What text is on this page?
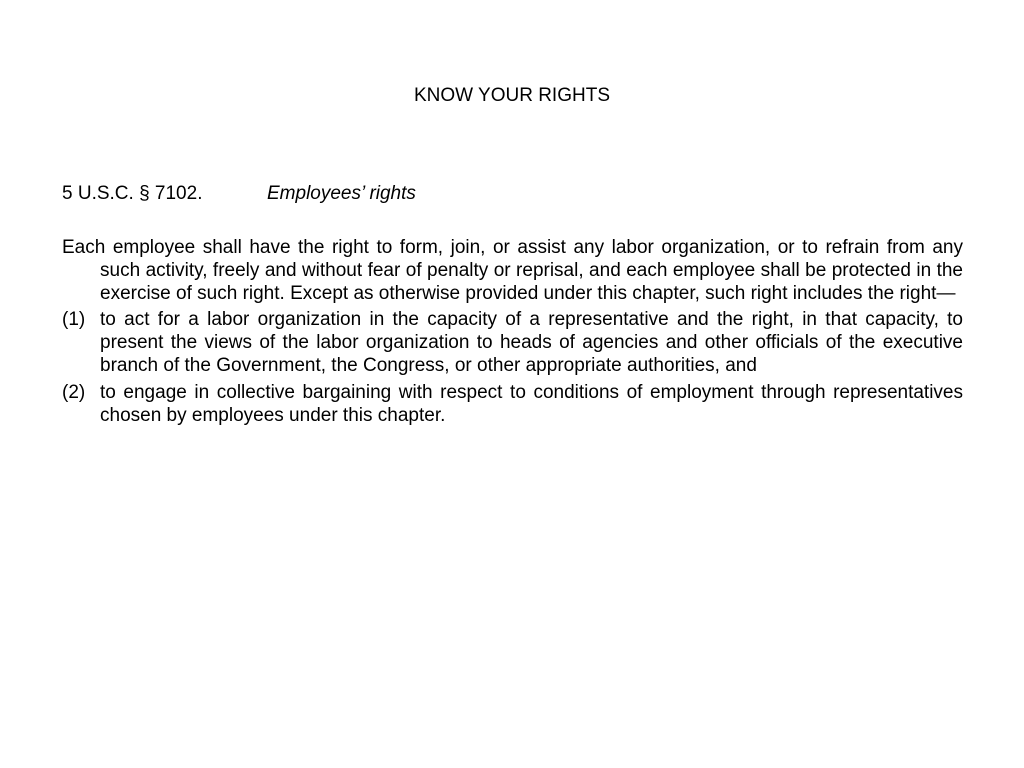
KNOW YOUR RIGHTS
5 U.S.C. § 7102.	Employees’ rights

Each employee shall have the right to form, join, or assist any labor organization, or to refrain from any such activity, freely and without fear of penalty or reprisal, and each employee shall be protected in the exercise of such right. Except as otherwise provided under this chapter, such right includes the right—

(1) to act for a labor organization in the capacity of a representative and the right, in that capacity, to present the views of the labor organization to heads of agencies and other officials of the executive branch of the Government, the Congress, or other appropriate authorities, and
(2) to engage in collective bargaining with respect to conditions of employment through representatives chosen by employees under this chapter.
